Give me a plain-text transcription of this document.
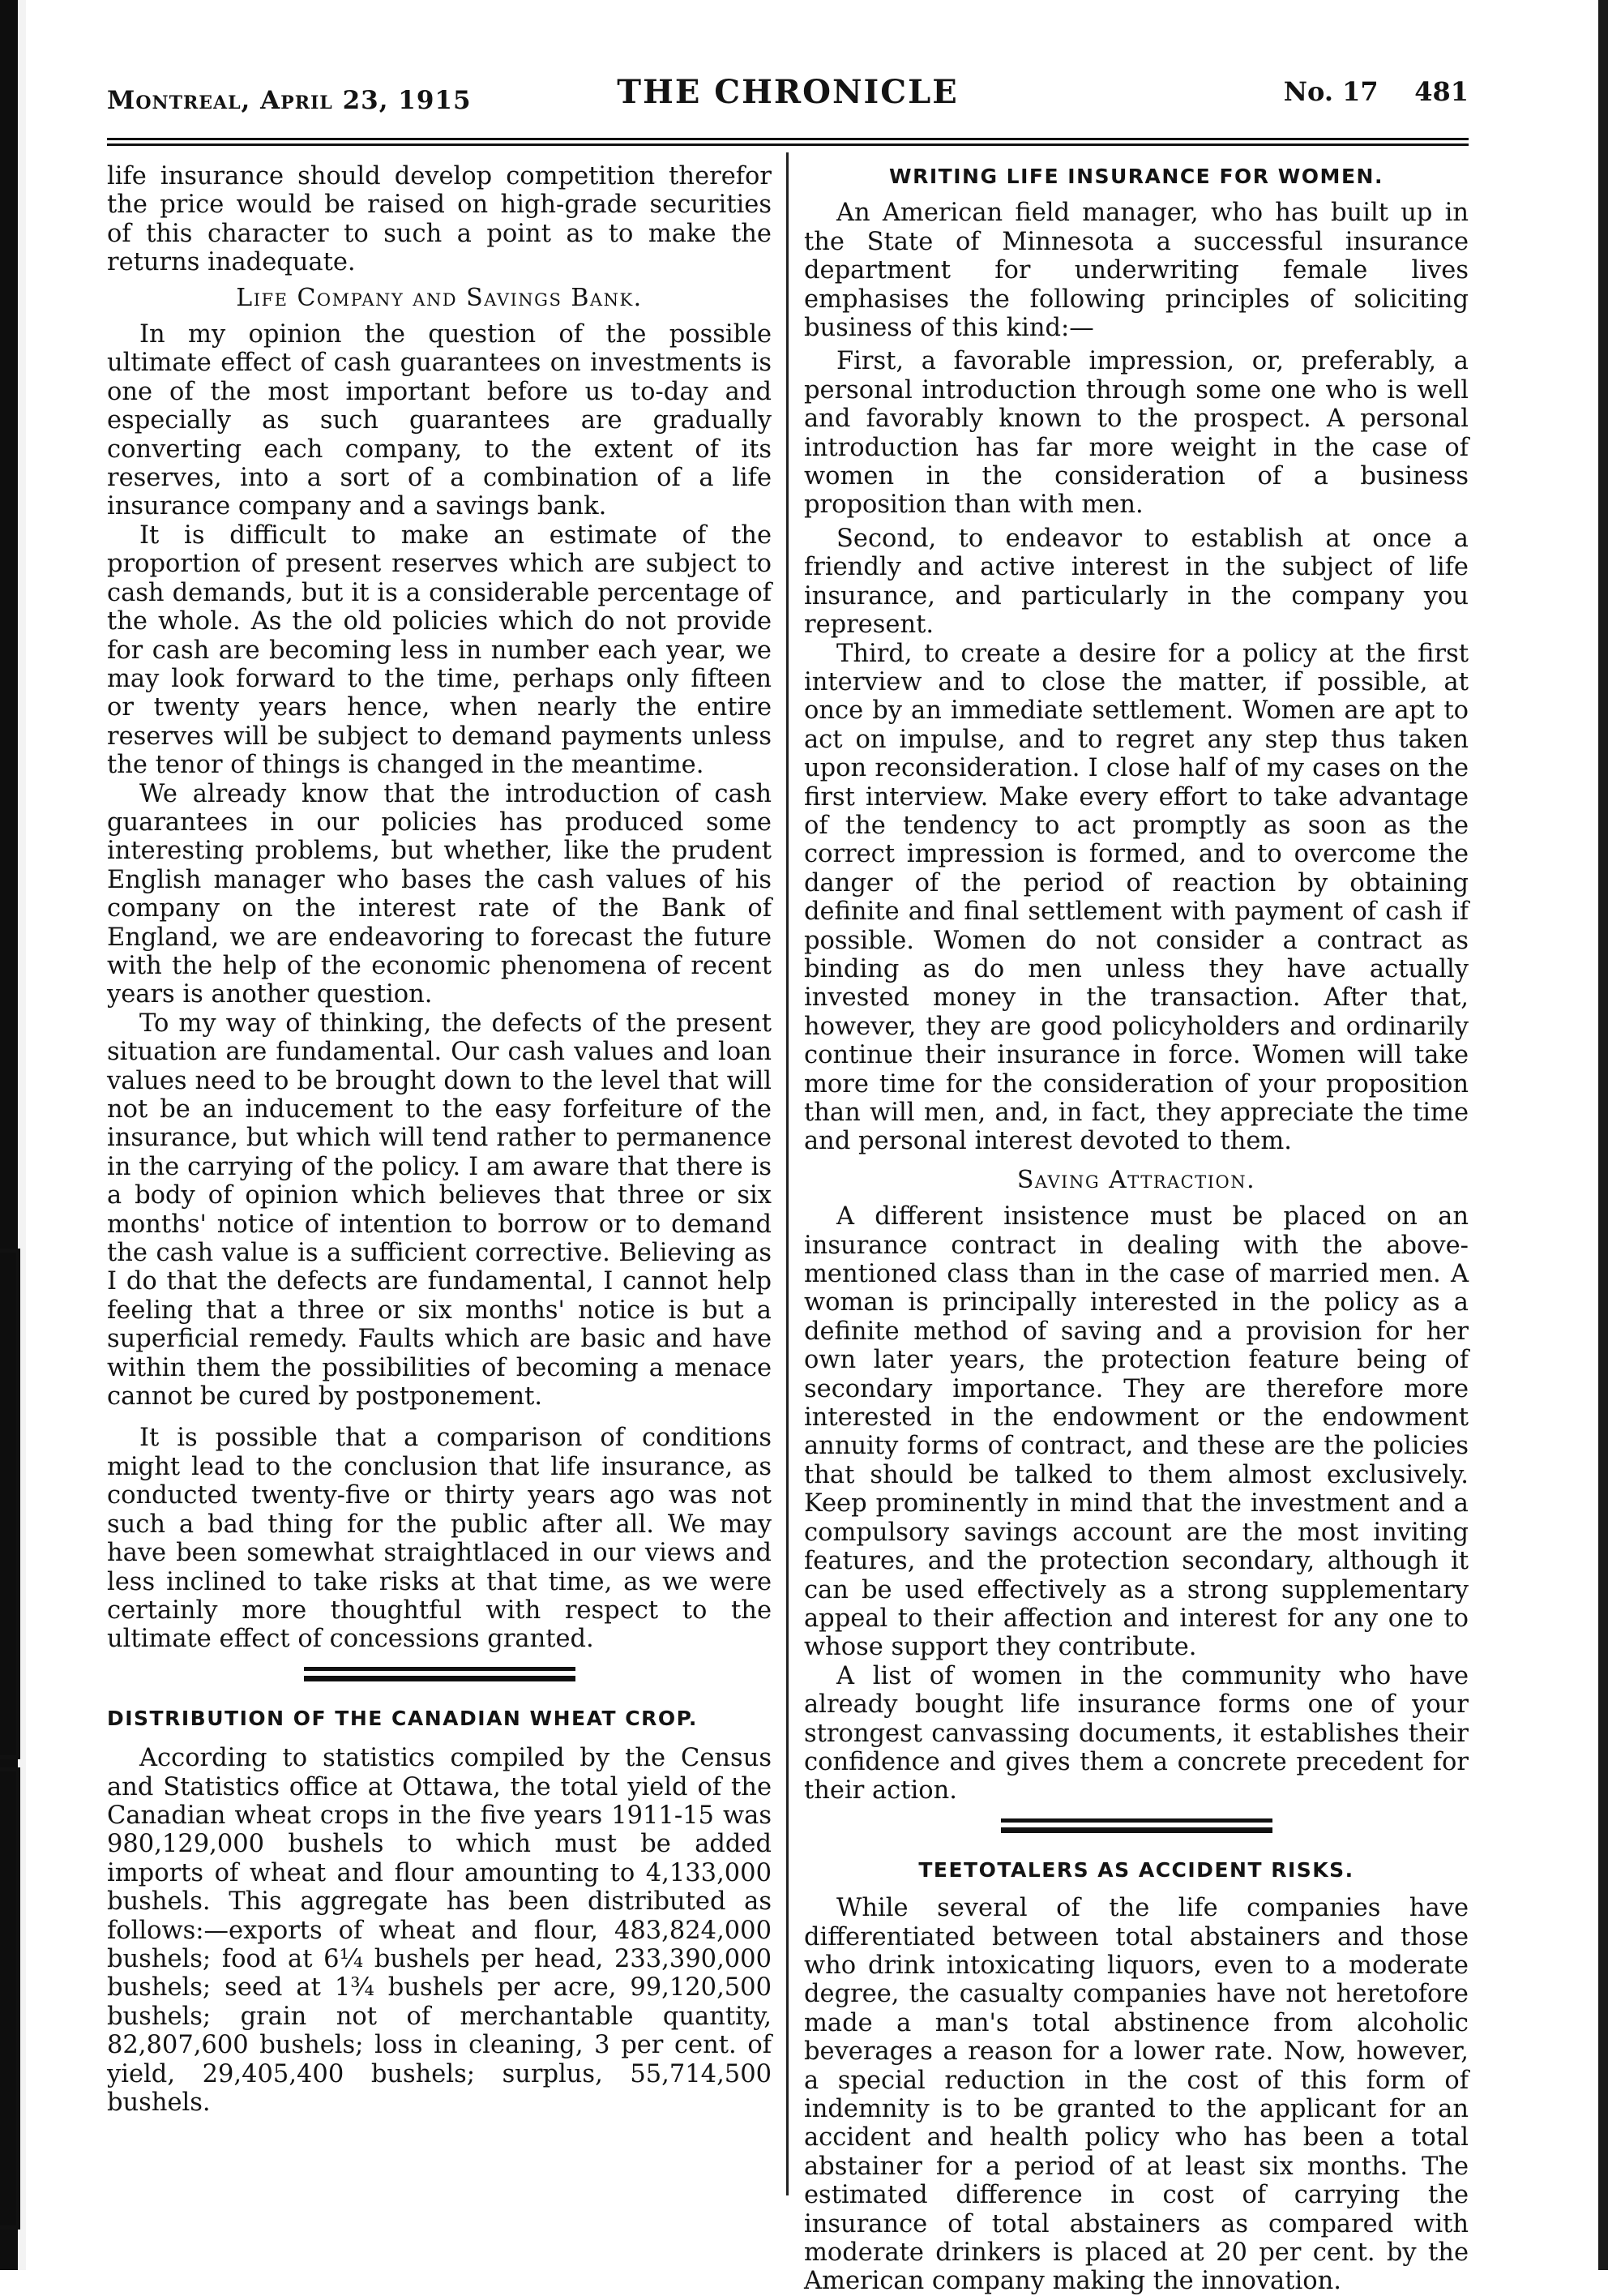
Montreal, April 23, 1915	THE CHRONICLE	No. 17    481

life insurance should develop competition therefor the price would be raised on high-grade securities of this character to such a point as to make the returns inadequate.

Life Company and Savings Bank.

In my opinion the question of the possible ultimate effect of cash guarantees on investments is one of the most important before us to-day and especially as such guarantees are gradually converting each company, to the extent of its reserves, into a sort of a combination of a life insurance company and a savings bank.

It is difficult to make an estimate of the proportion of present reserves which are subject to cash demands, but it is a considerable percentage of the whole. As the old policies which do not provide for cash are becoming less in number each year, we may look forward to the time, perhaps only fifteen or twenty years hence, when nearly the entire reserves will be subject to demand payments unless the tenor of things is changed in the meantime.

We already know that the introduction of cash guarantees in our policies has produced some interesting problems, but whether, like the prudent English manager who bases the cash values of his company on the interest rate of the Bank of England, we are endeavoring to forecast the future with the help of the economic phenomena of recent years is another question.

To my way of thinking, the defects of the present situation are fundamental. Our cash values and loan values need to be brought down to the level that will not be an inducement to the easy forfeiture of the insurance, but which will tend rather to permanence in the carrying of the policy. I am aware that there is a body of opinion which believes that three or six months' notice of intention to borrow or to demand the cash value is a sufficient corrective. Believing as I do that the defects are fundamental, I cannot help feeling that a three or six months' notice is but a superficial remedy. Faults which are basic and have within them the possibilities of becoming a menace cannot be cured by postponement.

It is possible that a comparison of conditions might lead to the conclusion that life insurance, as conducted twenty-five or thirty years ago was not such a bad thing for the public after all. We may have been somewhat straightlaced in our views and less inclined to take risks at that time, as we were certainly more thoughtful with respect to the ultimate effect of concessions granted.

DISTRIBUTION OF THE CANADIAN WHEAT CROP.

According to statistics compiled by the Census and Statistics office at Ottawa, the total yield of the Canadian wheat crops in the five years 1911-15 was 980,129,000 bushels to which must be added imports of wheat and flour amounting to 4,133,000 bushels. This aggregate has been distributed as follows:—exports of wheat and flour, 483,824,000 bushels; food at 6¼ bushels per head, 233,390,000 bushels; seed at 1¾ bushels per acre, 99,120,500 bushels; grain not of merchantable quantity, 82,807,600 bushels; loss in cleaning, 3 per cent. of yield, 29,405,400 bushels; surplus, 55,714,500 bushels.

WRITING LIFE INSURANCE FOR WOMEN.

An American field manager, who has built up in the State of Minnesota a successful insurance department for underwriting female lives emphasises the following principles of soliciting business of this kind:—

First, a favorable impression, or, preferably, a personal introduction through some one who is well and favorably known to the prospect. A personal introduction has far more weight in the case of women in the consideration of a business proposition than with men.

Second, to endeavor to establish at once a friendly and active interest in the subject of life insurance, and particularly in the company you represent.

Third, to create a desire for a policy at the first interview and to close the matter, if possible, at once by an immediate settlement. Women are apt to act on impulse, and to regret any step thus taken upon reconsideration. I close half of my cases on the first interview. Make every effort to take advantage of the tendency to act promptly as soon as the correct impression is formed, and to overcome the danger of the period of reaction by obtaining definite and final settlement with payment of cash if possible. Women do not consider a contract as binding as do men unless they have actually invested money in the transaction. After that, however, they are good policyholders and ordinarily continue their insurance in force. Women will take more time for the consideration of your proposition than will men, and, in fact, they appreciate the time and personal interest devoted to them.

Saving Attraction.

A different insistence must be placed on an insurance contract in dealing with the above-mentioned class than in the case of married men. A woman is principally interested in the policy as a definite method of saving and a provision for her own later years, the protection feature being of secondary importance. They are therefore more interested in the endowment or the endowment annuity forms of contract, and these are the policies that should be talked to them almost exclusively. Keep prominently in mind that the investment and a compulsory savings account are the most inviting features, and the protection secondary, although it can be used effectively as a strong supplementary appeal to their affection and interest for any one to whose support they contribute.

A list of women in the community who have already bought life insurance forms one of your strongest canvassing documents, it establishes their confidence and gives them a concrete precedent for their action.

TEETOTALERS AS ACCIDENT RISKS.

While several of the life companies have differentiated between total abstainers and those who drink intoxicating liquors, even to a moderate degree, the casualty companies have not heretofore made a man's total abstinence from alcoholic beverages a reason for a lower rate. Now, however, a special reduction in the cost of this form of indemnity is to be granted to the applicant for an accident and health policy who has been a total abstainer for a period of at least six months. The estimated difference in cost of carrying the insurance of total abstainers as compared with moderate drinkers is placed at 20 per cent. by the American company making the innovation.
